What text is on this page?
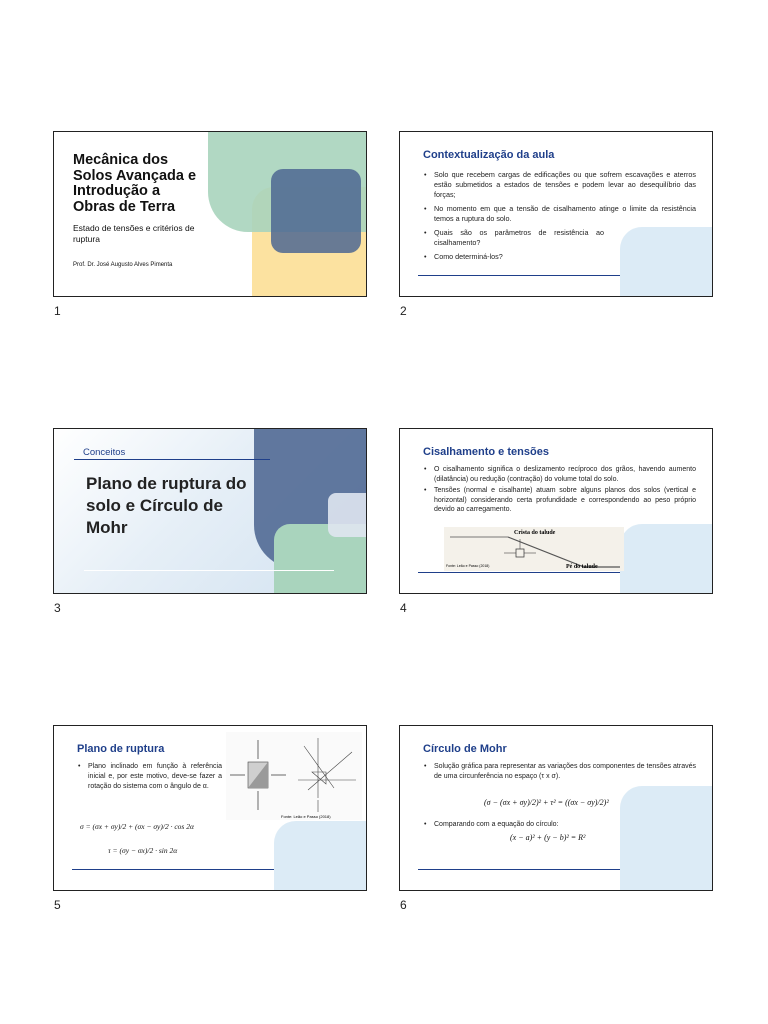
Mecânica dos Solos Avançada e Introdução a Obras de Terra
Estado de tensões e critérios de ruptura
Prof. Dr. José Augusto Alves Pimenta
1
Contextualização da aula
• Solo que recebem cargas de edificações ou que sofrem escavações e aterros estão submetidos a estados de tensões e podem levar ao desequilíbrio das forças;
• No momento em que a tensão de cisalhamento atinge o limite da resistência temos a ruptura do solo.
• Quais são os parâmetros de resistência ao cisalhamento?
• Como determiná-los?
2
Conceitos
Plano de ruptura do solo e Círculo de Mohr
3
Cisalhamento e tensões
• O cisalhamento significa o deslizamento recíproco dos grãos, havendo aumento (dilatância) ou redução (contração) do volume total do solo.
• Tensões (normal e cisalhante) atuam sobre alguns planos dos solos (vertical e horizontal) considerando certa profundidade e correspondendo ao peso próprio devido ao carregamento.
Crista do talude
Pé do talude
Fonte: Leão e Passo (2018)
4
Plano de ruptura
• Plano inclinado em função à referência inicial e, por este motivo, deve-se fazer a rotação do sistema com o ângulo de α.
Fonte: Leão e Passo (2018)
σ = (σx + σy)/2 + (σx − σy)/2 · cos 2α
τ = (σy − σx)/2 · sin 2α
5
Círculo de Mohr
• Solução gráfica para representar as variações dos componentes de tensões através de uma circunferência no espaço (τ x σ).
(σ − (σx + σy)/2)² + τ² = ((σx − σy)/2)²
• Comparando com a equação do círculo:
(x − a)² + (y − b)² = R²
6
